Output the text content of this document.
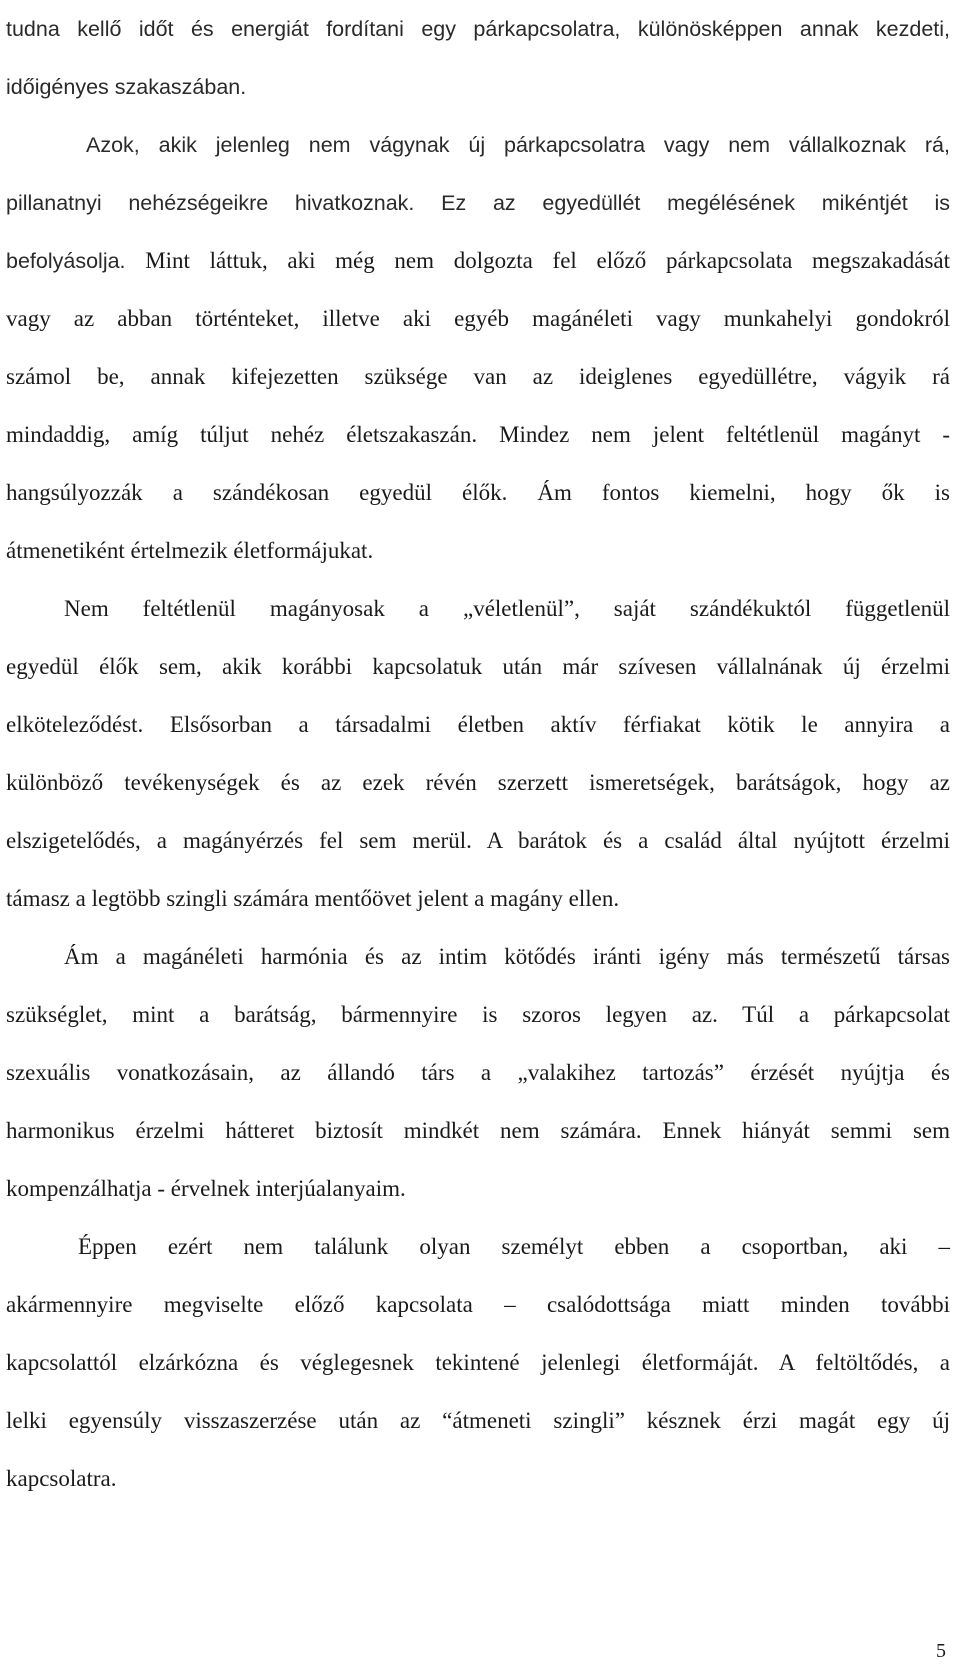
tudna kellő időt és energiát fordítani egy párkapcsolatra, különösképpen annak kezdeti,
időigényes szakaszában.
Azok, akik jelenleg nem vágynak új párkapcsolatra vagy nem vállalkoznak rá,
pillanatnyi nehézségeikre hivatkoznak. Ez az egyedüllét megélésének mikéntjét is
befolyásolja. Mint láttuk, aki még nem dolgozta fel előző párkapcsolata megszakadását
vagy az abban történteket, illetve aki egyéb magánéleti vagy munkahelyi gondokról
számol be, annak kifejezetten szüksége van az ideiglenes egyedüllétre, vágyik rá
mindaddig, amíg túljut nehéz életszakaszán. Mindez nem jelent feltétlenül magányt -
hangsúlyozzák a szándékosan egyedül élők. Ám fontos kiemelni, hogy ők is
átmenetiként értelmezik életformájukat.
Nem feltétlenül magányosak a „véletlenül”, saját szándékuktól függetlenül
egyedül élők sem, akik korábbi kapcsolatuk után már szívesen vállalnának új érzelmi
elköteleződést. Elsősorban a társadalmi életben aktív férfiakat kötik le annyira a
különböző tevékenységek és az ezek révén szerzett ismeretségek, barátságok, hogy az
elszigetelődés, a magányérzés fel sem merül. A barátok és a család által nyújtott érzelmi
támasz a legtöbb szingli számára mentőövet jelent a magány ellen.
Ám a magánéleti harmónia és az intim kötődés iránti igény más természetű társas
szükséglet, mint a barátság, bármennyire is szoros legyen az. Túl a párkapcsolat
szexuális vonatkozásain, az állandó társ a „valakihez tartozás” érzését nyújtja és
harmonikus érzelmi hátteret biztosít mindkét nem számára. Ennek hiányát semmi sem
kompenzálhatja - érvelnek interjúalanyaim.
Éppen ezért nem találunk olyan személyt ebben a csoportban, aki –
akármennyire megviselte előző kapcsolata – csalódottsága miatt minden további
kapcsolattól elzárkózna és véglegesnek tekintené jelenlegi életformáját. A feltöltődés, a
lelki egyensúly visszaszerzése után az “átmeneti szingli” késznek érzi magát egy új
kapcsolatra.
5
